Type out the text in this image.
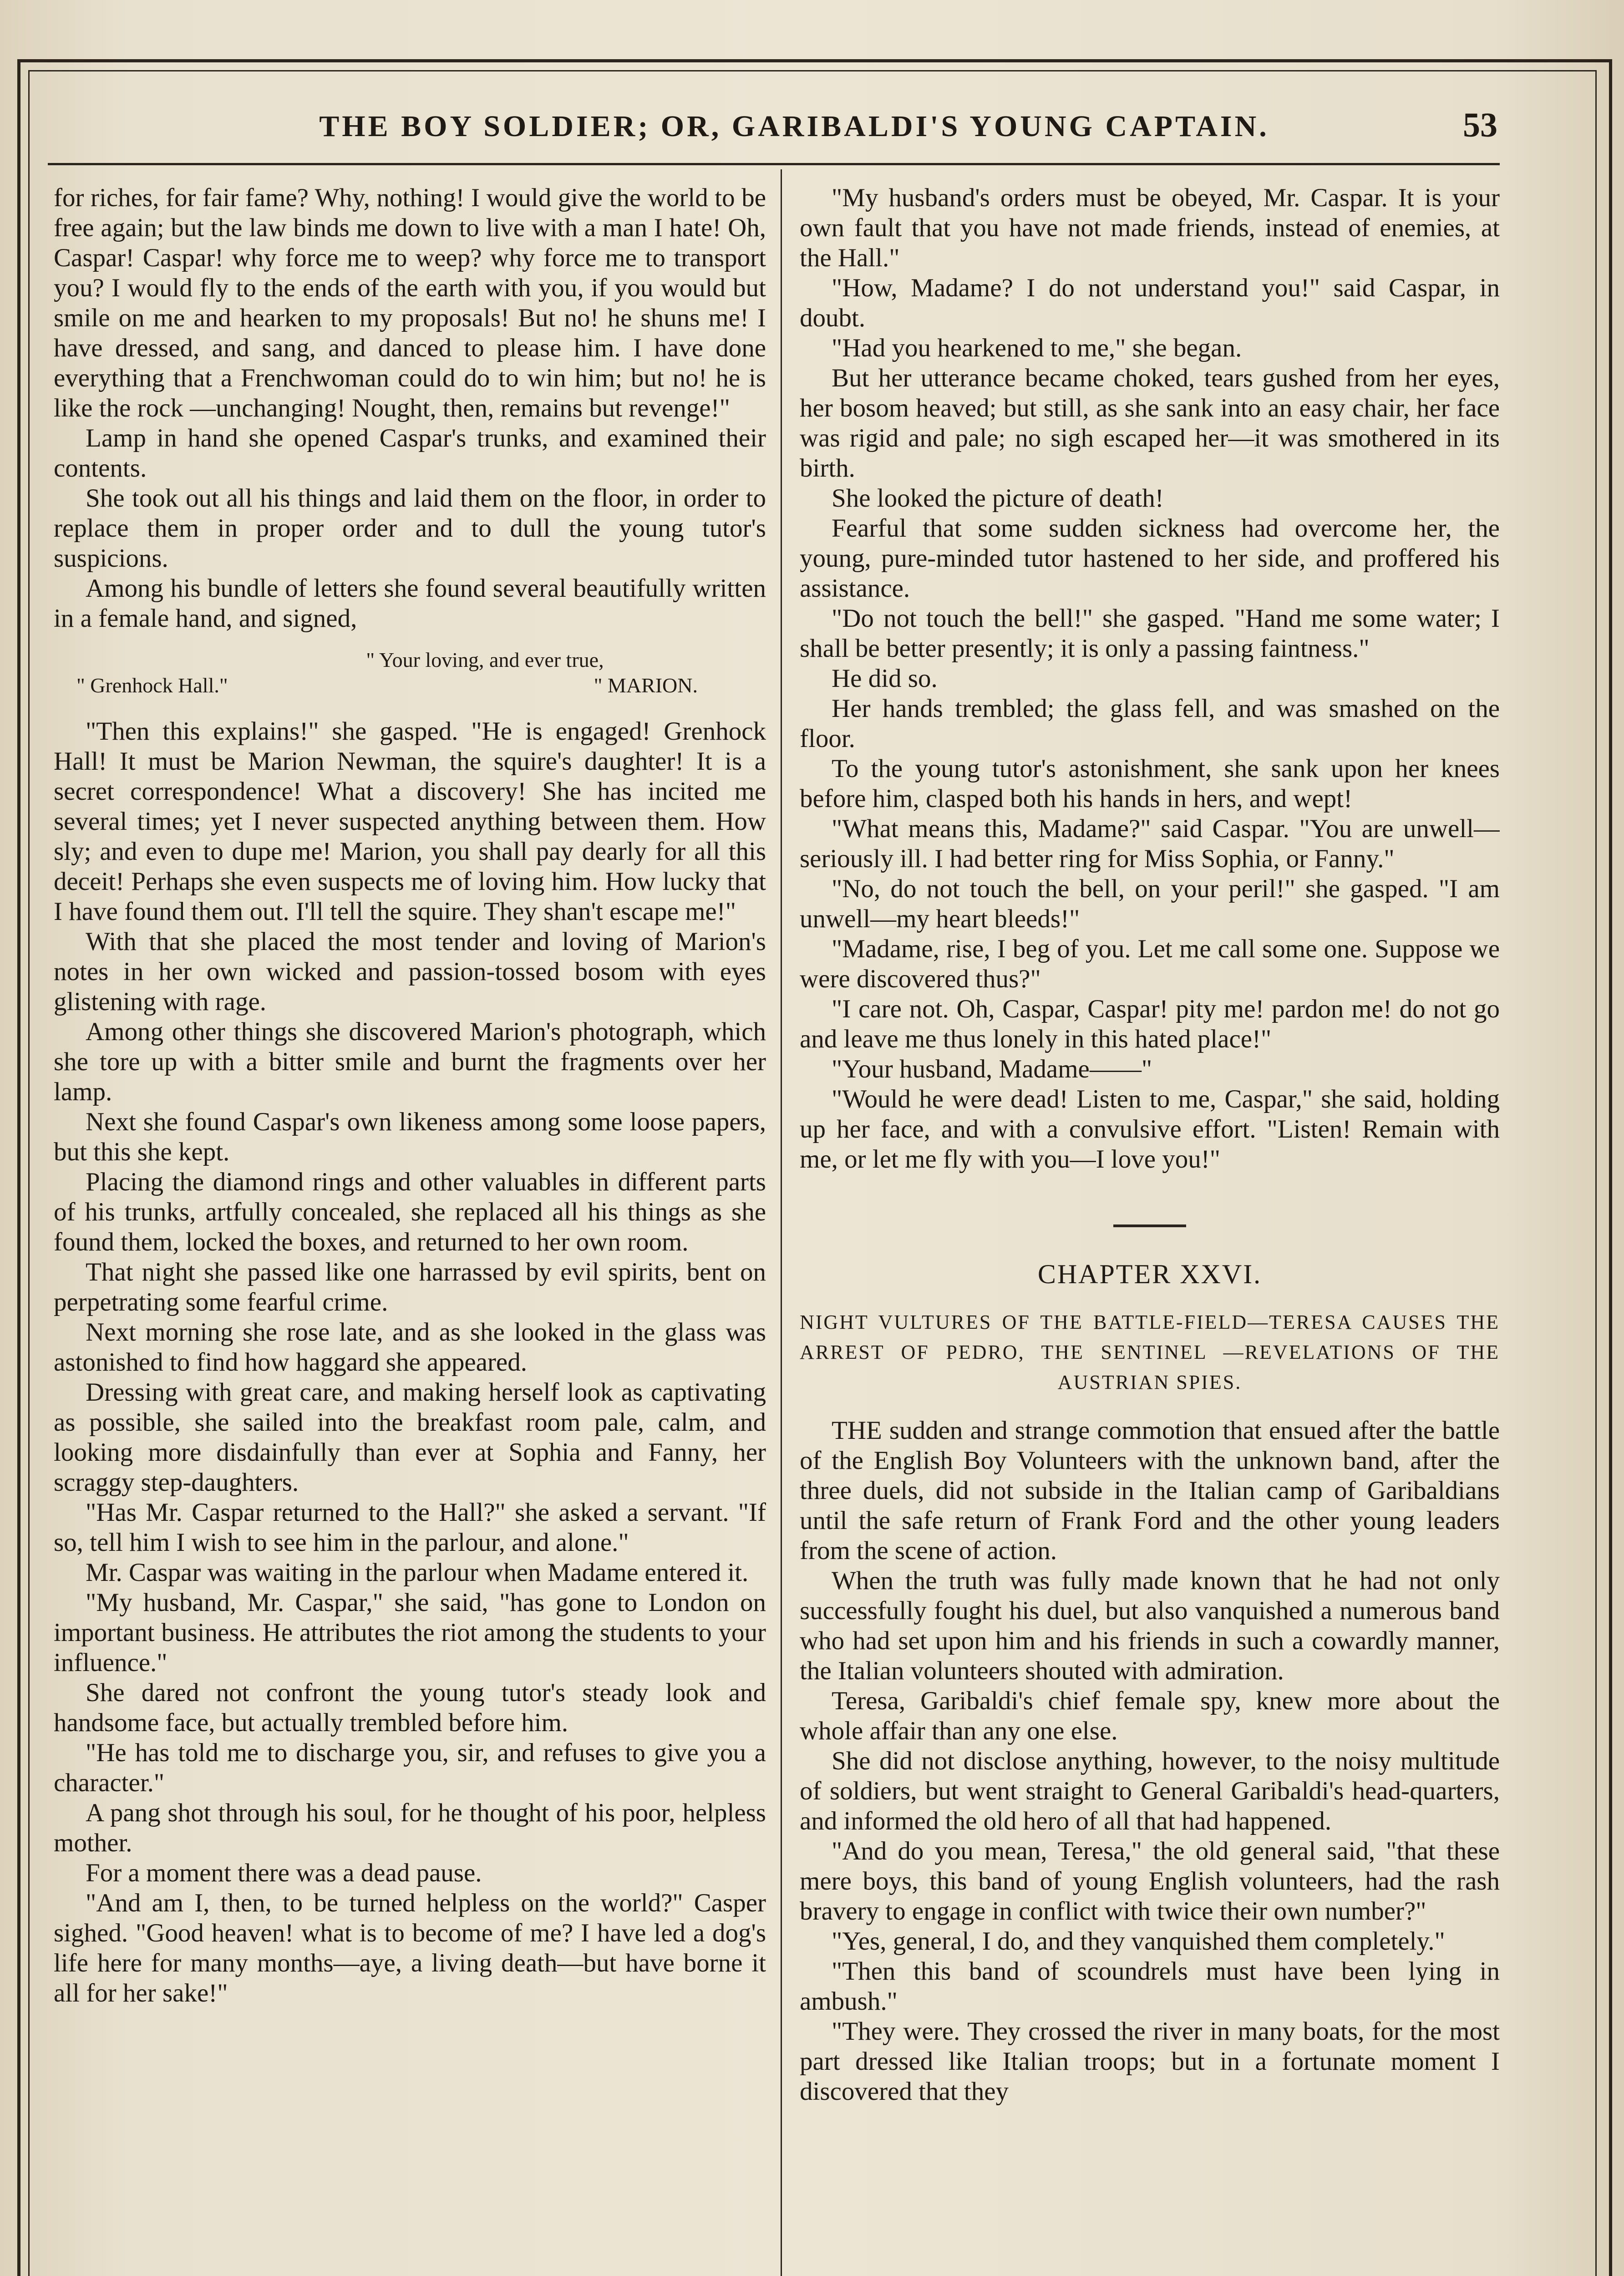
THE BOY SOLDIER; OR, GARIBALDI'S YOUNG CAPTAIN.	53

for riches, for fair fame? Why, nothing! I would give the world to be free again; but the law binds me down to live with a man I hate! Oh, Caspar! Caspar! why force me to weep? why force me to transport you? I would fly to the ends of the earth with you, if you would but smile on me and hearken to my proposals! But no! he shuns me! I have dressed, and sang, and danced to please him. I have done everything that a Frenchwoman could do to win him; but no! he is like the rock —unchanging! Nought, then, remains but revenge!"

Lamp in hand she opened Caspar's trunks, and examined their contents.

She took out all his things and laid them on the floor, in order to replace them in proper order and to dull the young tutor's suspicions.

Among his bundle of letters she found several beautifully written in a female hand, and signed,

" Your loving, and ever true,
" Grenhock Hall."	" MARION.

"Then this explains!" she gasped. "He is engaged! Grenhock Hall! It must be Marion Newman, the squire's daughter! It is a secret correspondence! What a discovery! She has incited me several times; yet I never suspected anything between them. How sly; and even to dupe me! Marion, you shall pay dearly for all this deceit! Perhaps she even suspects me of loving him. How lucky that I have found them out. I'll tell the squire. They shan't escape me!"

With that she placed the most tender and loving of Marion's notes in her own wicked and passion-tossed bosom with eyes glistening with rage.

Among other things she discovered Marion's photograph, which she tore up with a bitter smile and burnt the fragments over her lamp.

Next she found Caspar's own likeness among some loose papers, but this she kept.

Placing the diamond rings and other valuables in different parts of his trunks, artfully concealed, she replaced all his things as she found them, locked the boxes, and returned to her own room.

That night she passed like one harrassed by evil spirits, bent on perpetrating some fearful crime.

Next morning she rose late, and as she looked in the glass was astonished to find how haggard she appeared.

Dressing with great care, and making herself look as captivating as possible, she sailed into the breakfast room pale, calm, and looking more disdainfully than ever at Sophia and Fanny, her scraggy step-daughters.

"Has Mr. Caspar returned to the Hall?" she asked a servant. "If so, tell him I wish to see him in the parlour, and alone."

Mr. Caspar was waiting in the parlour when Madame entered it.

"My husband, Mr. Caspar," she said, "has gone to London on important business. He attributes the riot among the students to your influence."

She dared not confront the young tutor's steady look and handsome face, but actually trembled before him.

"He has told me to discharge you, sir, and refuses to give you a character."

A pang shot through his soul, for he thought of his poor, helpless mother.

For a moment there was a dead pause.

"And am I, then, to be turned helpless on the world?" Casper sighed. "Good heaven! what is to become of me? I have led a dog's life here for many months—aye, a living death—but have borne it all for her sake!"

"My husband's orders must be obeyed, Mr. Caspar. It is your own fault that you have not made friends, instead of enemies, at the Hall."

"How, Madame? I do not understand you!" said Caspar, in doubt.

"Had you hearkened to me," she began.

But her utterance became choked, tears gushed from her eyes, her bosom heaved; but still, as she sank into an easy chair, her face was rigid and pale; no sigh escaped her—it was smothered in its birth.

She looked the picture of death!

Fearful that some sudden sickness had overcome her, the young, pure-minded tutor hastened to her side, and proffered his assistance.

"Do not touch the bell!" she gasped. "Hand me some water; I shall be better presently; it is only a passing faintness."

He did so.

Her hands trembled; the glass fell, and was smashed on the floor.

To the young tutor's astonishment, she sank upon her knees before him, clasped both his hands in hers, and wept!

"What means this, Madame?" said Caspar. "You are unwell—seriously ill. I had better ring for Miss Sophia, or Fanny."

"No, do not touch the bell, on your peril!" she gasped. "I am unwell—my heart bleeds!"

"Madame, rise, I beg of you. Let me call some one. Suppose we were discovered thus?"

"I care not. Oh, Caspar, Caspar! pity me! pardon me! do not go and leave me thus lonely in this hated place!"

"Your husband, Madame——"

"Would he were dead! Listen to me, Caspar," she said, holding up her face, and with a convulsive effort. "Listen! Remain with me, or let me fly with you—I love you!"

CHAPTER XXVI.
NIGHT VULTURES OF THE BATTLE-FIELD—TERESA CAUSES THE ARREST OF PEDRO, THE SENTINEL —REVELATIONS OF THE AUSTRIAN SPIES.

THE sudden and strange commotion that ensued after the battle of the English Boy Volunteers with the unknown band, after the three duels, did not subside in the Italian camp of Garibaldians until the safe return of Frank Ford and the other young leaders from the scene of action.

When the truth was fully made known that he had not only successfully fought his duel, but also vanquished a numerous band who had set upon him and his friends in such a cowardly manner, the Italian volunteers shouted with admiration.

Teresa, Garibaldi's chief female spy, knew more about the whole affair than any one else.

She did not disclose anything, however, to the noisy multitude of soldiers, but went straight to General Garibaldi's head-quarters, and informed the old hero of all that had happened.

"And do you mean, Teresa," the old general said, "that these mere boys, this band of young English volunteers, had the rash bravery to engage in conflict with twice their own number?"

"Yes, general, I do, and they vanquished them completely."

"Then this band of scoundrels must have been lying in ambush."

"They were. They crossed the river in many boats, for the most part dressed like Italian troops; but in a fortunate moment I discovered that they
